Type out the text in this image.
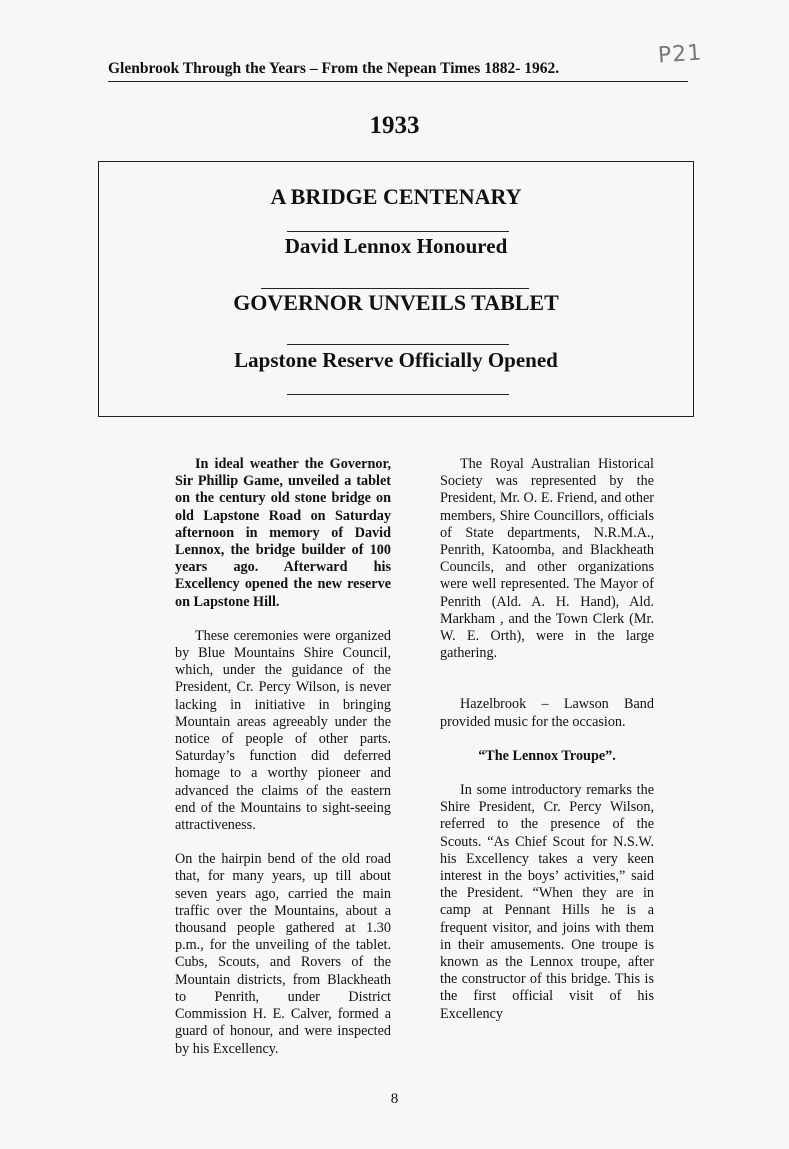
P21
Glenbrook Through the Years – From the Nepean Times 1882- 1962.
1933
A BRIDGE CENTENARY
David Lennox Honoured
GOVERNOR UNVEILS TABLET
Lapstone Reserve Officially Opened

In ideal weather the Governor, Sir Phillip Game, unveiled a tablet on the century old stone bridge on old Lapstone Road on Saturday afternoon in memory of David Lennox, the bridge builder of 100 years ago. Afterward his Excellency opened the new reserve on Lapstone Hill.

These ceremonies were organized by Blue Mountains Shire Council, which, under the guidance of the President, Cr. Percy Wilson, is never lacking in initiative in bringing Mountain areas agreeably under the notice of people of other parts. Saturday’s function did deferred homage to a worthy pioneer and advanced the claims of the eastern end of the Mountains to sight-seeing attractiveness.

On the hairpin bend of the old road that, for many years, up till about seven years ago, carried the main traffic over the Mountains, about a thousand people gathered at 1.30 p.m., for the unveiling of the tablet. Cubs, Scouts, and Rovers of the Mountain districts, from Blackheath to Penrith, under District Commission H. E. Calver, formed a guard of honour, and were inspected by his Excellency.

The Royal Australian Historical Society was represented by the President, Mr. O. E. Friend, and other members, Shire Councillors, officials of State departments, N.R.M.A., Penrith, Katoomba, and Blackheath Councils, and other organizations were well represented. The Mayor of Penrith (Ald. A. H. Hand), Ald. Markham , and the Town Clerk (Mr. W. E. Orth), were in the large gathering.

Hazelbrook – Lawson Band provided music for the occasion.

“The Lennox Troupe”.

In some introductory remarks the Shire President, Cr. Percy Wilson, referred to the presence of the Scouts. “As Chief Scout for N.S.W. his Excellency takes a very keen interest in the boys’ activities,” said the President. “When they are in camp at Pennant Hills he is a frequent visitor, and joins with them in their amusements. One troupe is known as the Lennox troupe, after the constructor of this bridge. This is the first official visit of his Excellency

8
